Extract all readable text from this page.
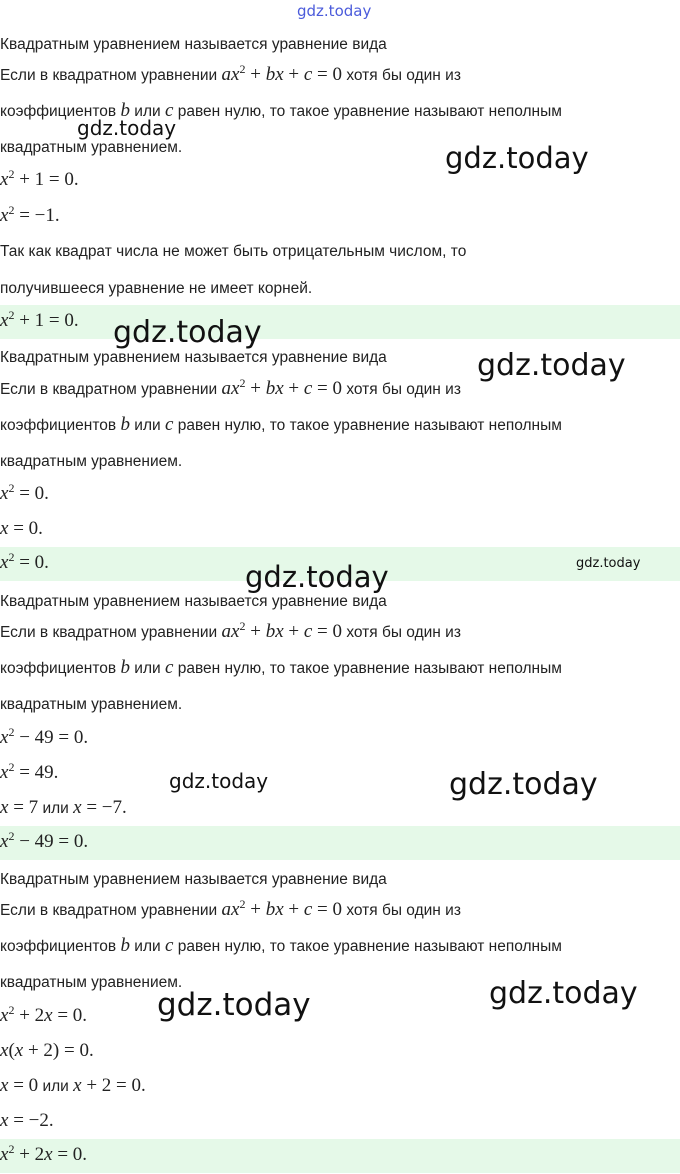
gdz.today
Квадратным уравнением называется уравнение вида
Если в квадратном уравнении $ax^2$ + bx + c = 0 хотя бы один из
коэффициентов b или c равен нулю, то такое уравнение называют неполным
квадратным уравнением.
$x^2 + 1 = 0$.
$x^2 = -1$.
Так как квадрат числа не может быть отрицательным числом, то
получившееся уравнение не имеет корней.
$x^2 + 1 = 0$.
Квадратным уравнением называется уравнение вида
Если в квадратном уравнении $ax^2$ + bx + c = 0 хотя бы один из
коэффициентов b или c равен нулю, то такое уравнение называют неполным
квадратным уравнением.
$x^2 = 0$.
x = 0.
$x^2 = 0$.
Квадратным уравнением называется уравнение вида
Если в квадратном уравнении $ax^2$ + bx + c = 0 хотя бы один из
коэффициентов b или c равен нулю, то такое уравнение называют неполным
квадратным уравнением.
$x^2 - 49 = 0$.
$x^2 = 49$.
x = 7 или x = −7.
$x^2 - 49 = 0$.
Квадратным уравнением называется уравнение вида
Если в квадратном уравнении $ax^2$ + bx + c = 0 хотя бы один из
коэффициентов b или c равен нулю, то такое уравнение называют неполным
квадратным уравнением.
$x^2 + 2x = 0$.
x(x + 2) = 0.
x = 0 или x + 2 = 0.
x = −2.
$x^2 + 2x = 0$.
gdz.today
gdz.today
gdz.today
gdz.today
gdz.today
gdz.today
gdz.today	gdz.today
gdz.today
gdz.today
